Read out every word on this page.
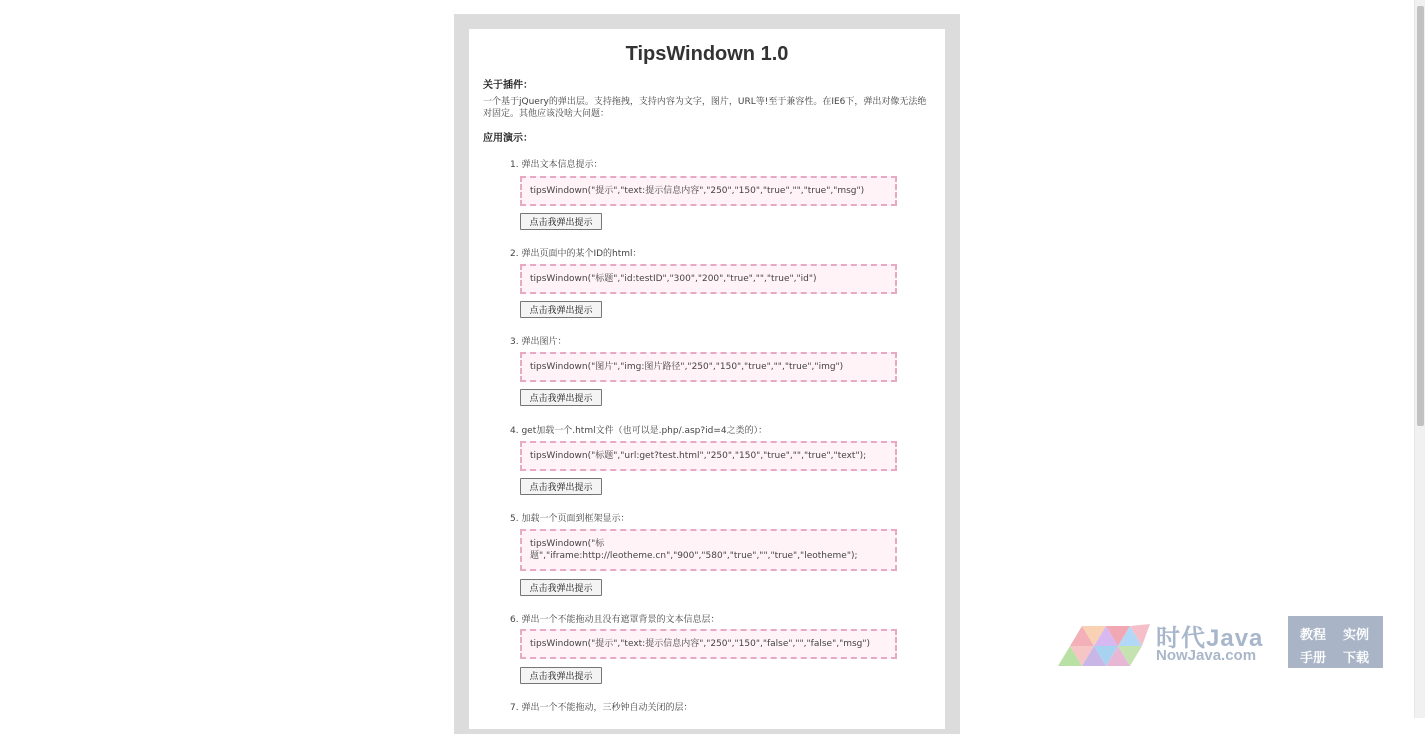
TipsWindown 1.0
关于插件：
一个基于jQuery的弹出层。支持拖拽，支持内容为文字，图片，URL等!至于兼容性。在IE6下，弹出对像无法绝对固定。其他应该没啥大问题：
应用演示：
1. 弹出文本信息提示：
tipsWindown("提示","text:提示信息内容","250","150","true","","true","msg")
点击我弹出提示
2. 弹出页面中的某个ID的html：
tipsWindown("标题","id:testID","300","200","true","","true","id")
点击我弹出提示
3. 弹出图片：
tipsWindown("图片","img:图片路径","250","150","true","","true","img")
点击我弹出提示
4. get加载一个.html文件（也可以是.php/.asp?id=4之类的）：
tipsWindown("标题","url:get?test.html","250","150","true","","true","text");
点击我弹出提示
5. 加载一个页面到框架显示：
tipsWindown("标
题","iframe:http://leotheme.cn","900","580","true","","true","leotheme");
点击我弹出提示
6. 弹出一个不能拖动且没有遮罩背景的文本信息层：
tipsWindown("提示","text:提示信息内容","250","150","false","","false","msg")
点击我弹出提示
7. 弹出一个不能拖动，三秒钟自动关闭的层：
时代Java
NowJava.com
教程 实例
手册 下载
